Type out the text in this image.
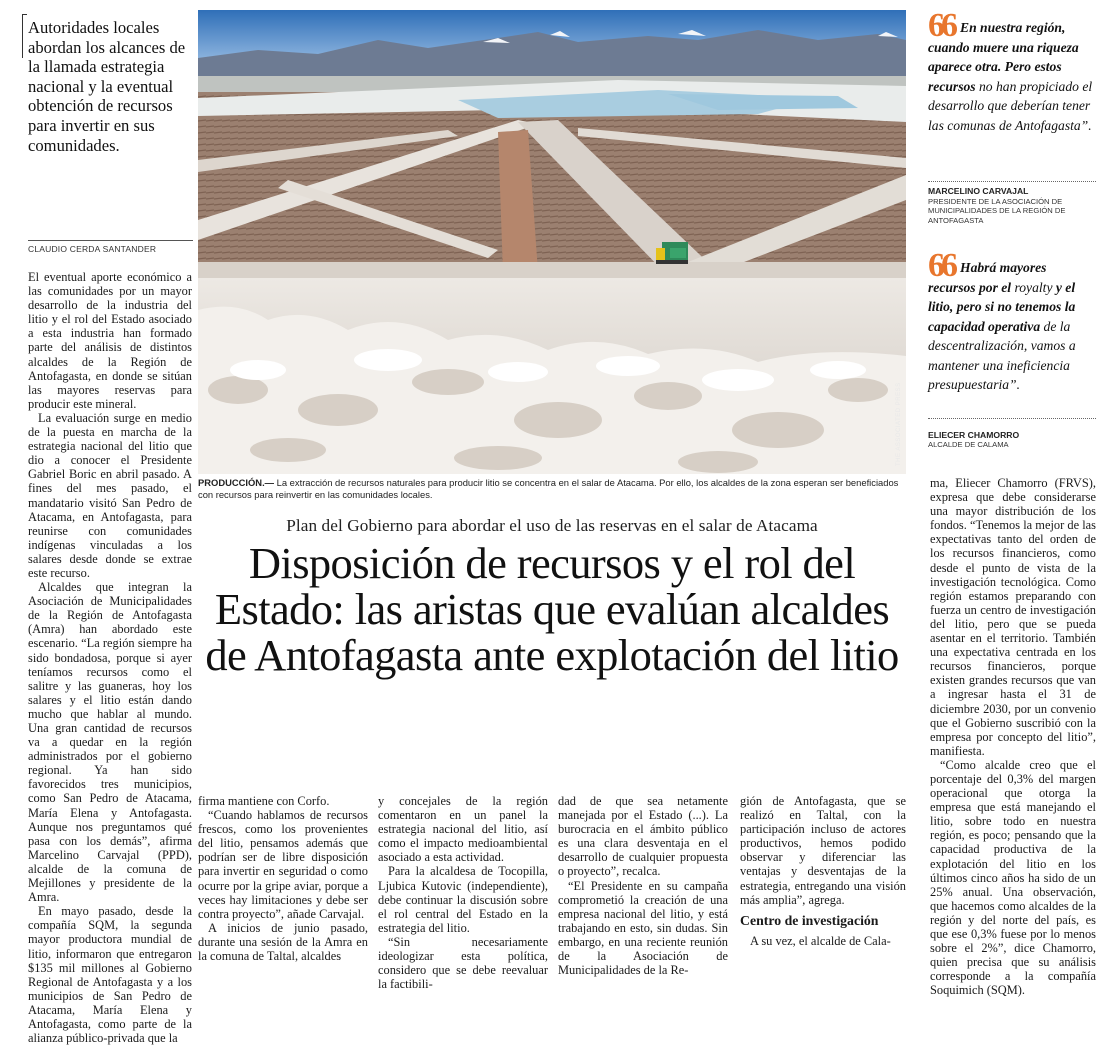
Autoridades locales abordan los alcances de la llamada estrategia nacional y la eventual obtención de recursos para invertir en sus comunidades.
CLAUDIO CERDA SANTANDER

El eventual aporte económico a las comunidades por un mayor desarrollo de la industria del litio y el rol del Estado asociado a esta industria han formado parte del análisis de distintos alcaldes de la Región de Antofagasta, en donde se sitúan las mayores reservas para producir este mineral.

La evaluación surge en medio de la puesta en marcha de la estrategia nacional del litio que dio a conocer el Presidente Gabriel Boric en abril pasado. A fines del mes pasado, el mandatario visitó San Pedro de Atacama, en Antofagasta, para reunirse con comunidades indígenas vinculadas a los salares desde donde se extrae este recurso.

Alcaldes que integran la Asociación de Municipalidades de la Región de Antofagasta (Amra) han abordado este escenario. “La región siempre ha sido bondadosa, porque si ayer teníamos recursos como el salitre y las guaneras, hoy los salares y el litio están dando mucho que hablar al mundo. Una gran cantidad de recursos va a quedar en la región administrados por el gobierno regional. Ya han sido favorecidos tres municipios, como San Pedro de Atacama, María Elena y Antofagasta. Aunque nos preguntamos qué pasa con los demás”, afirma Marcelino Carvajal (PPD), alcalde de la comuna de Mejillones y presidente de la Amra.

En mayo pasado, desde la compañía SQM, la segunda mayor productora mundial de litio, informaron que entregaron $135 mil millones al Gobierno Regional de Antofagasta y a los municipios de San Pedro de Atacama, María Elena y Antofagasta, como parte de la alianza público-privada que la

THE ASSOCIATED PRESS
PRODUCCIÓN.— La extracción de recursos naturales para producir litio se concentra en el salar de Atacama. Por ello, los alcaldes de la zona esperan ser beneficiados con recursos para reinvertir en las comunidades locales.
Plan del Gobierno para abordar el uso de las reservas en el salar de Atacama
Disposición de recursos y el rol del Estado: las aristas que evalúan alcaldes de Antofagasta ante explotación del litio

firma mantiene con Corfo.

“Cuando hablamos de recursos frescos, como los provenientes del litio, pensamos además que podrían ser de libre disposición para invertir en seguridad o como ocurre por la gripe aviar, porque a veces hay limitaciones y debe ser contra proyecto”, añade Carvajal.

A inicios de junio pasado, durante una sesión de la Amra en la comuna de Taltal, alcaldes

y concejales de la región comentaron en un panel la estrategia nacional del litio, así como el impacto medioambiental asociado a esta actividad.

Para la alcaldesa de Tocopilla, Ljubica Kutovic (independiente), debe continuar la discusión sobre el rol central del Estado en la estrategia del litio.

“Sin necesariamente ideologizar esta política, considero que se debe reevaluar la factibili-

dad de que sea netamente manejada por el Estado (...). La burocracia en el ámbito público es una clara desventaja en el desarrollo de cualquier propuesta o proyecto”, recalca.

“El Presidente en su campaña comprometió la creación de una empresa nacional del litio, y está trabajando en esto, sin dudas. Sin embargo, en una reciente reunión de la Asociación de Municipalidades de la Re-

gión de Antofagasta, que se realizó en Taltal, con la participación incluso de actores productivos, hemos podido observar y diferenciar las ventajas y desventajas de la estrategia, entregando una visión más amplia”, agrega.

Centro de investigación

A su vez, el alcalde de Cala-

66 En nuestra región, cuando muere una riqueza aparece otra. Pero estos recursos no han propiciado el desarrollo que deberían tener las comunas de Antofagasta”.
MARCELINO CARVAJAL
PRESIDENTE DE LA ASOCIACIÓN DE MUNICIPALIDADES DE LA REGIÓN DE ANTOFAGASTA
66 Habrá mayores recursos por el royalty y el litio, pero si no tenemos la capacidad operativa de la descentralización, vamos a mantener una ineficiencia presupuestaria”.
ELIECER CHAMORRO
ALCALDE DE CALAMA

ma, Eliecer Chamorro (FRVS), expresa que debe considerarse una mayor distribución de los fondos. “Tenemos la mejor de las expectativas tanto del orden de los recursos financieros, como desde el punto de vista de la investigación tecnológica. Como región estamos preparando con fuerza un centro de investigación del litio, pero que se pueda asentar en el territorio. También una expectativa centrada en los recursos financieros, porque existen grandes recursos que van a ingresar hasta el 31 de diciembre 2030, por un convenio que el Gobierno suscribió con la empresa por concepto del litio”, manifiesta.

“Como alcalde creo que el porcentaje del 0,3% del margen operacional que otorga la empresa que está manejando el litio, sobre todo en nuestra región, es poco; pensando que la capacidad productiva de la explotación del litio en los últimos cinco años ha sido de un 25% anual. Una observación, que hacemos como alcaldes de la región y del norte del país, es que ese 0,3% fuese por lo menos sobre el 2%”, dice Chamorro, quien precisa que su análisis corresponde a la compañía Soquimich (SQM).
